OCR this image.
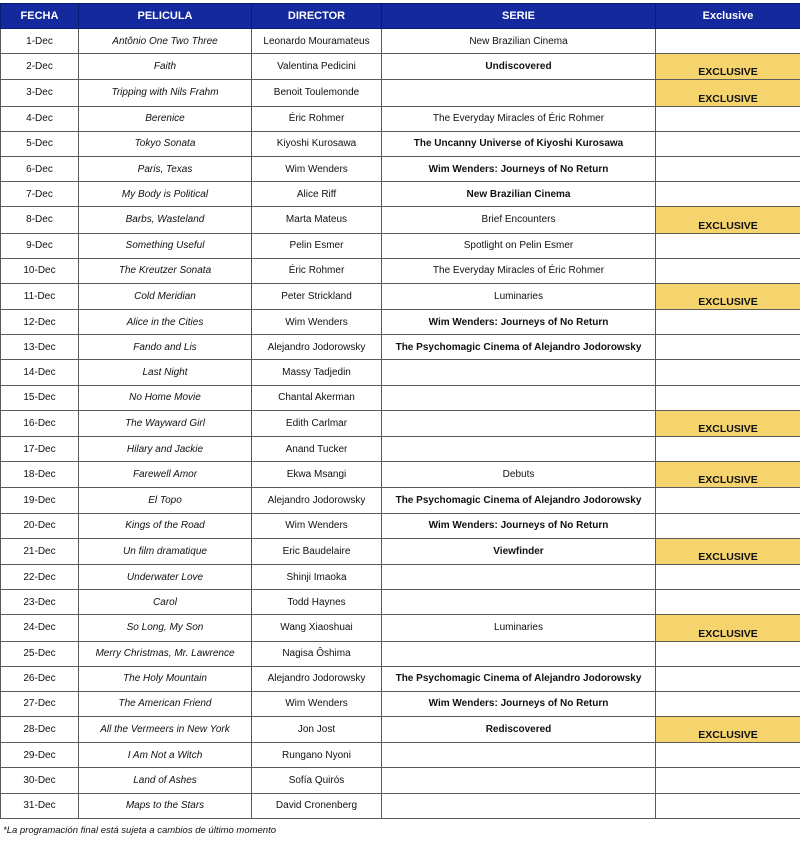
FECHA	PELICULA	DIRECTOR	SERIE	Exclusive
1-Dec	Antônio One Two Three	Leonardo Mouramateus	New Brazilian Cinema	
2-Dec	Faith	Valentina Pedicini	Undiscovered	EXCLUSIVE
3-Dec	Tripping with Nils Frahm	Benoit Toulemonde		EXCLUSIVE
4-Dec	Berenice	Éric Rohmer	The Everyday Miracles of Éric Rohmer	
5-Dec	Tokyo Sonata	Kiyoshi Kurosawa	The Uncanny Universe of Kiyoshi Kurosawa	
6-Dec	Paris, Texas	Wim Wenders	Wim Wenders: Journeys of No Return	
7-Dec	My Body is Political	Alice Riff	New Brazilian Cinema	
8-Dec	Barbs, Wasteland	Marta Mateus	Brief Encounters	EXCLUSIVE
9-Dec	Something Useful	Pelin Esmer	Spotlight on Pelin Esmer	
10-Dec	The Kreutzer Sonata	Éric Rohmer	The Everyday Miracles of Éric Rohmer	
11-Dec	Cold Meridian	Peter Strickland	Luminaries	EXCLUSIVE
12-Dec	Alice in the Cities	Wim Wenders	Wim Wenders: Journeys of No Return	
13-Dec	Fando and Lis	Alejandro Jodorowsky	The Psychomagic Cinema of Alejandro Jodorowsky	
14-Dec	Last Night	Massy Tadjedin		
15-Dec	No Home Movie	Chantal Akerman		
16-Dec	The Wayward Girl	Edith Carlmar		EXCLUSIVE
17-Dec	Hilary and Jackie	Anand Tucker		
18-Dec	Farewell Amor	Ekwa Msangi	Debuts	EXCLUSIVE
19-Dec	El Topo	Alejandro Jodorowsky	The Psychomagic Cinema of Alejandro Jodorowsky	
20-Dec	Kings of the Road	Wim Wenders	Wim Wenders: Journeys of No Return	
21-Dec	Un film dramatique	Eric Baudelaire	Viewfinder	EXCLUSIVE
22-Dec	Underwater Love	Shinji Imaoka		
23-Dec	Carol	Todd Haynes		
24-Dec	So Long, My Son	Wang Xiaoshuai	Luminaries	EXCLUSIVE
25-Dec	Merry Christmas, Mr. Lawrence	Nagisa Ôshima		
26-Dec	The Holy Mountain	Alejandro Jodorowsky	The Psychomagic Cinema of Alejandro Jodorowsky	
27-Dec	The American Friend	Wim Wenders	Wim Wenders: Journeys of No Return	
28-Dec	All the Vermeers in New York	Jon Jost	Rediscovered	EXCLUSIVE
29-Dec	I Am Not a Witch	Rungano Nyoni		
30-Dec	Land of Ashes	Sofía Quirós		
31-Dec	Maps to the Stars	David Cronenberg		
*La programación final está sujeta a cambios de último momento
